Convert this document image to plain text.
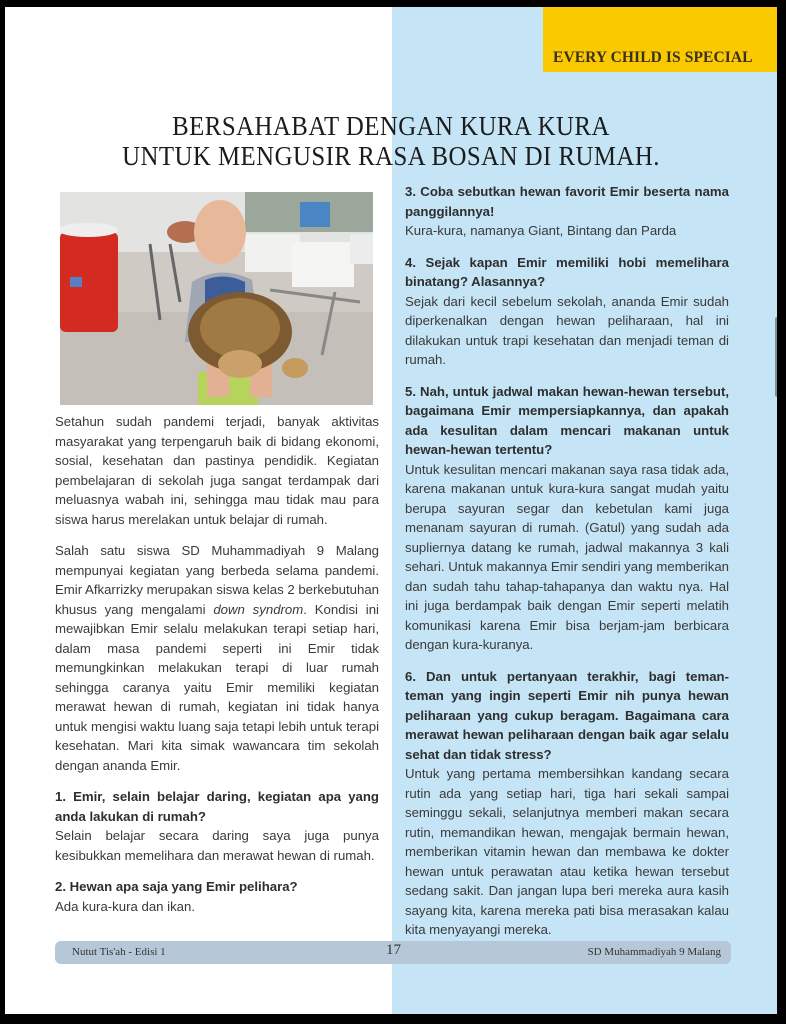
EVERY CHILD IS SPECIAL
BERSAHABAT DENGAN KURA KURA
UNTUK MENGUSIR RASA BOSAN DI RUMAH.

Setahun sudah pandemi terjadi, banyak aktivitas masyarakat yang terpengaruh baik di bidang ekonomi, sosial, kesehatan dan pastinya pendidik. Kegiatan pembelajaran di sekolah juga sangat terdampak dari meluasnya wabah ini, sehingga mau tidak mau para siswa harus merelakan untuk belajar di rumah.

Salah satu siswa SD Muhammadiyah 9 Malang mempunyai kegiatan yang berbeda selama pandemi. Emir Afkarrizky merupakan siswa kelas 2 berkebutuhan khusus yang mengalami down syndrom. Kondisi ini mewajibkan Emir selalu melakukan terapi setiap hari, dalam masa pandemi seperti ini Emir tidak memungkinkan melakukan terapi di luar rumah sehingga caranya yaitu Emir memiliki kegiatan merawat hewan di rumah, kegiatan ini tidak hanya untuk mengisi waktu luang saja tetapi lebih untuk terapi kesehatan. Mari kita simak wawancara tim sekolah dengan ananda Emir.

1. Emir, selain belajar daring, kegiatan apa yang anda lakukan di rumah?

Selain belajar secara daring saya juga punya kesibukkan memelihara dan merawat hewan di rumah.

2. Hewan apa saja yang Emir pelihara?

Ada kura-kura dan ikan.

3. Coba sebutkan hewan favorit Emir beserta nama panggilannya!

Kura-kura, namanya Giant, Bintang dan Parda

4. Sejak kapan Emir memiliki hobi memelihara binatang? Alasannya?

Sejak dari kecil sebelum sekolah, ananda Emir sudah diperkenalkan dengan hewan peliharaan, hal ini dilakukan untuk trapi kesehatan dan menjadi teman di rumah.

5. Nah, untuk jadwal makan hewan-hewan tersebut, bagaimana Emir mempersiapkannya, dan apakah ada kesulitan dalam mencari makanan untuk hewan-hewan tertentu?

Untuk kesulitan mencari makanan saya rasa tidak ada, karena makanan untuk kura-kura sangat mudah yaitu berupa sayuran segar dan kebetulan kami juga menanam sayuran di rumah. (Gatul) yang sudah ada supliernya datang ke rumah, jadwal makannya 3 kali sehari. Untuk makannya Emir sendiri yang memberikan dan sudah tahu tahap-tahapanya dan waktu nya. Hal ini juga berdampak baik dengan Emir seperti melatih komunikasi karena Emir bisa berjam-jam berbicara dengan kura-kuranya.

6. Dan untuk pertanyaan terakhir, bagi teman-teman yang ingin seperti Emir nih punya hewan peliharaan yang cukup beragam. Bagaimana cara merawat hewan peliharaan dengan baik agar selalu sehat dan tidak stress?

Untuk yang pertama membersihkan kandang secara rutin ada yang setiap hari, tiga hari sekali sampai seminggu sekali, selanjutnya memberi makan secara rutin, memandikan hewan, mengajak bermain hewan, memberikan vitamin hewan dan membawa ke dokter hewan untuk perawatan atau ketika hewan tersebut sedang sakit. Dan jangan lupa beri mereka aura kasih sayang kita, karena mereka pati bisa merasakan kalau kita menyayangi mereka.

Nutut Tis'ah - Edisi 1	17	SD Muhammadiyah 9 Malang
